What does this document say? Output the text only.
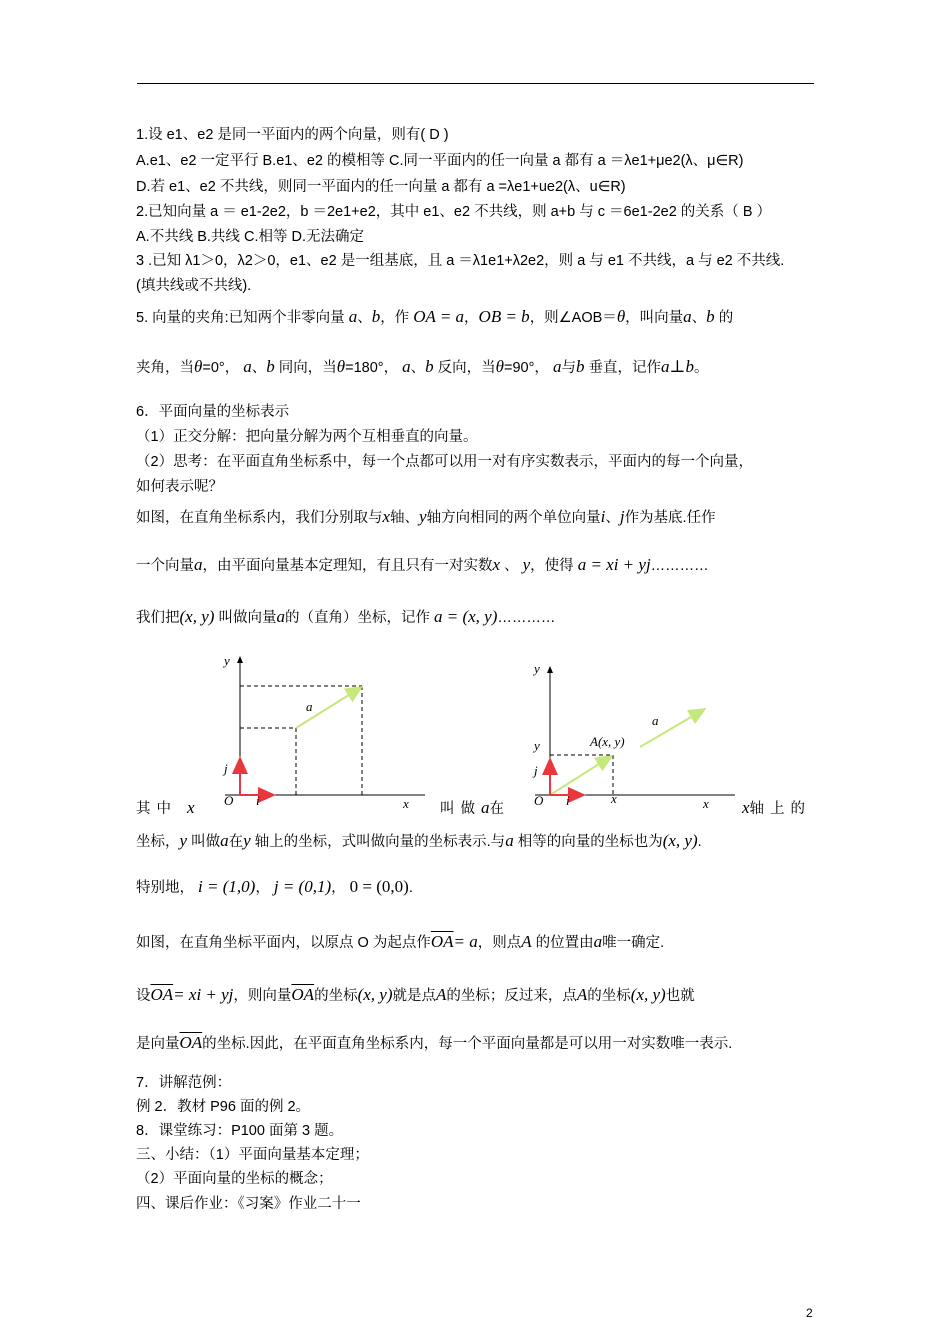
1.设 e1、e2 是同一平面内的两个向量，则有( D )
A.e1、e2 一定平行 B.e1、e2 的模相等 C.同一平面内的任一向量 a 都有 a ＝λe1+μe2(λ、μ∈R)
D.若 e1、e2 不共线，则同一平面内的任一向量 a 都有 a =λe1+ue2(λ、u∈R)
2.已知向量 a ＝ e1-2e2，b ＝2e1+e2，其中 e1、e2 不共线，则 a+b 与 c ＝6e1-2e2 的关系（ B ）
A.不共线 B.共线 C.相等 D.无法确定
3 .已知 λ1＞0，λ2＞0，e1、e2 是一组基底，且 a ＝λ1e1+λ2e2，则 a 与 e1 不共线，a 与 e2 不共线.
(填共线或不共线).
5. 向量的夹角:已知两个非零向量 a、b，作 OA = a，OB = b，则∠AOB＝θ，叫向量a、b 的
夹角，当θ=0°， a、b 同向，当θ=180°， a、b 反向，当θ=90°， a与b 垂直，记作a⊥b。
6．平面向量的坐标表示
（1）正交分解：把向量分解为两个互相垂直的向量。
（2）思考：在平面直角坐标系中，每一个点都可以用一对有序实数表示，平面内的每一个向量，
如何表示呢？
如图，在直角坐标系内，我们分别取与x轴、y轴方向相同的两个单位向量i、j作为基底.任作
一个向量a，由平面向量基本定理知，有且只有一对实数x 、 y，使得 a = xi + yj…………
我们把(x, y) 叫做向量a的（直角）坐标，记作 a = (x, y)…………
y
a
j
O i	x
y
a
A(x, y)
y
j
O i	x	x
其中 x	叫做a在	x轴上的
坐标，y 叫做a在y 轴上的坐标，式叫做向量的坐标表示.与a 相等的向量的坐标也为(x, y).
特别地， i = (1,0)， j = (0,1)， 0 = (0,0).
如图，在直角坐标平面内，以原点 O 为起点作$\overline{OA}= a$，则点A 的位置由a唯一确定.
设$\overline{OA}=$ xi + yj，则向量$\overline{OA}$的坐标(x, y)就是点A的坐标；反过来，点A的坐标(x, y)也就
是向量$\overline{OA}$的坐标.因此，在平面直角坐标系内，每一个平面向量都是可以用一对实数唯一表示.
7．讲解范例：
例 2．教材 P96 面的例 2。
8．课堂练习：P100 面第 3 题。
三、小结：（1）平面向量基本定理；
（2）平面向量的坐标的概念；
四、课后作业：《习案》作业二十一
2
